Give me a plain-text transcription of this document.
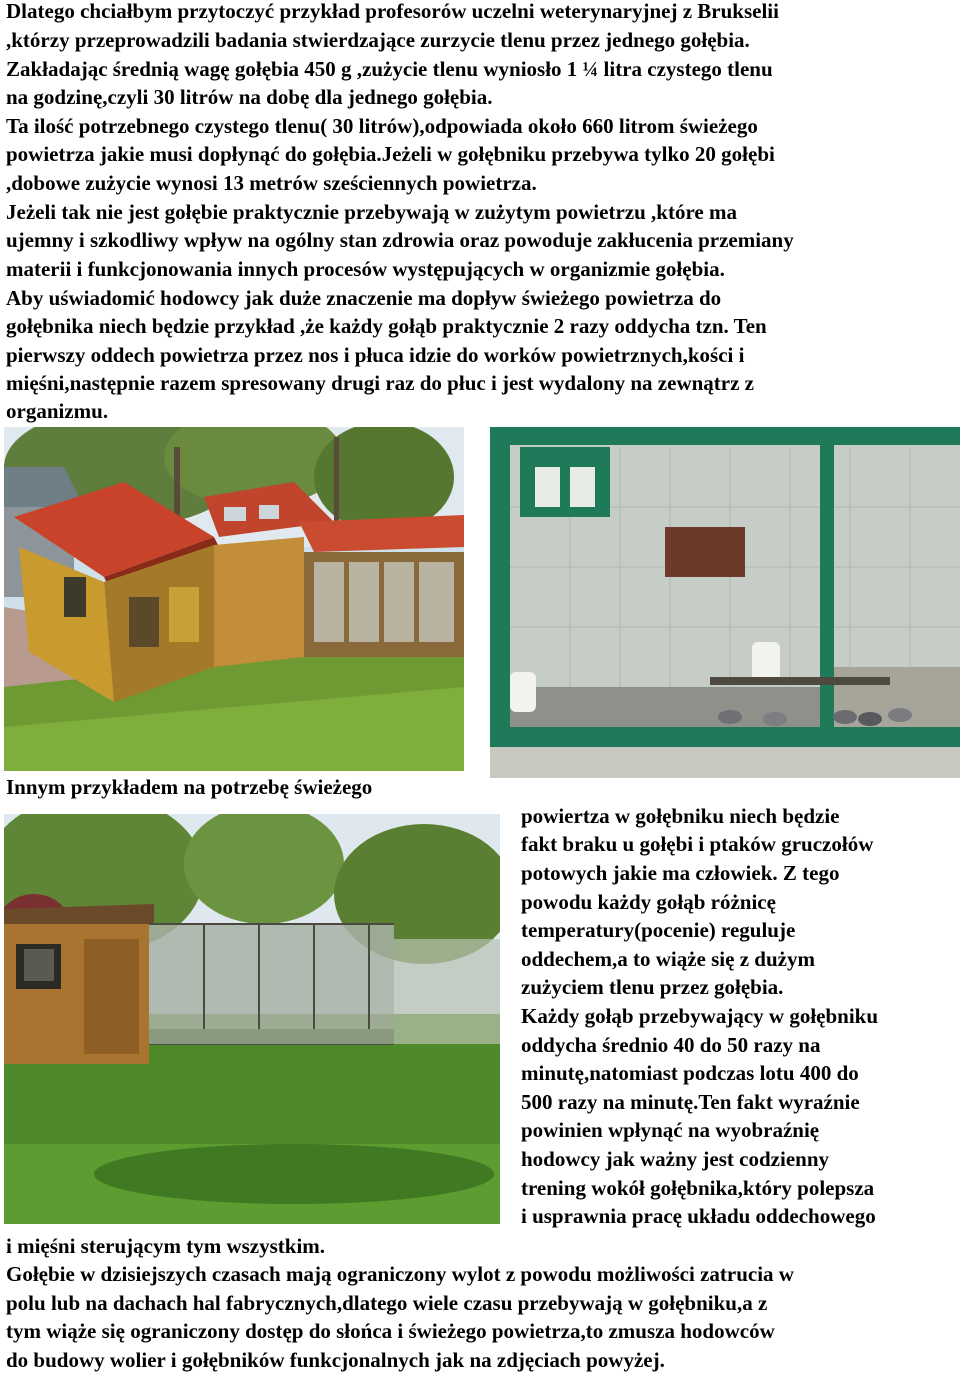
Dlatego chciałbym przytoczyć przykład profesorów uczelni weterynaryjnej z Brukselii
,którzy przeprowadzili badania stwierdzające zurzycie tlenu przez jednego gołębia.
Zakładając średnią wagę gołębia 450 g ,zużycie tlenu wyniosło 1 ¼ litra czystego tlenu
na godzinę,czyli 30 litrów na dobę dla jednego gołębia.
Ta ilość potrzebnego czystego tlenu( 30 litrów),odpowiada około 660 litrom świeżego
powietrza jakie musi dopłynąć do gołębia.Jeżeli w gołębniku przebywa tylko 20 gołębi
,dobowe zużycie wynosi 13 metrów sześciennych powietrza.
Jeżeli tak nie jest gołębie praktycznie przebywają w zużytym powietrzu ,które ma
ujemny i szkodliwy wpływ na ogólny stan zdrowia oraz powoduje zakłucenia przemiany
materii i funkcjonowania innych procesów występujących w organizmie gołębia.
Aby uświadomić hodowcy jak duże znaczenie ma dopływ świeżego powietrza do
gołębnika niech będzie przykład ,że każdy gołąb praktycznie 2 razy oddycha tzn. Ten
pierwszy oddech powietrza przez nos i płuca idzie do worków powietrznych,kości i
mięśni,następnie razem spresowany drugi raz do płuc i jest wydalony na zewnątrz z
organizmu.
Innym przykładem na potrzebę świeżego
powiertza w gołębniku niech będzie
fakt braku u gołębi i ptaków gruczołów
potowych jakie ma człowiek. Z tego
powodu każdy gołąb różnicę
temperatury(pocenie) reguluje
oddechem,a to wiąże się z dużym
zużyciem tlenu przez gołębia.
Każdy gołąb przebywający w gołębniku
oddycha średnio 40 do 50 razy na
minutę,natomiast podczas lotu 400 do
500 razy na minutę.Ten fakt wyraźnie
powinien wpłynąć na wyobraźnię
hodowcy jak ważny jest codzienny
trening wokół gołębnika,który polepsza
i usprawnia pracę układu oddechowego
i mięśni sterującym tym wszystkim.
Gołębie w dzisiejszych czasach mają ograniczony wylot z powodu możliwości zatrucia w
polu lub na dachach hal fabrycznych,dlatego wiele czasu przebywają w gołębniku,a z
tym wiąże się ograniczony dostęp do słońca i świeżego powietrza,to zmusza hodowców
do budowy wolier i gołębników funkcjonalnych jak na zdjęciach powyżej.
